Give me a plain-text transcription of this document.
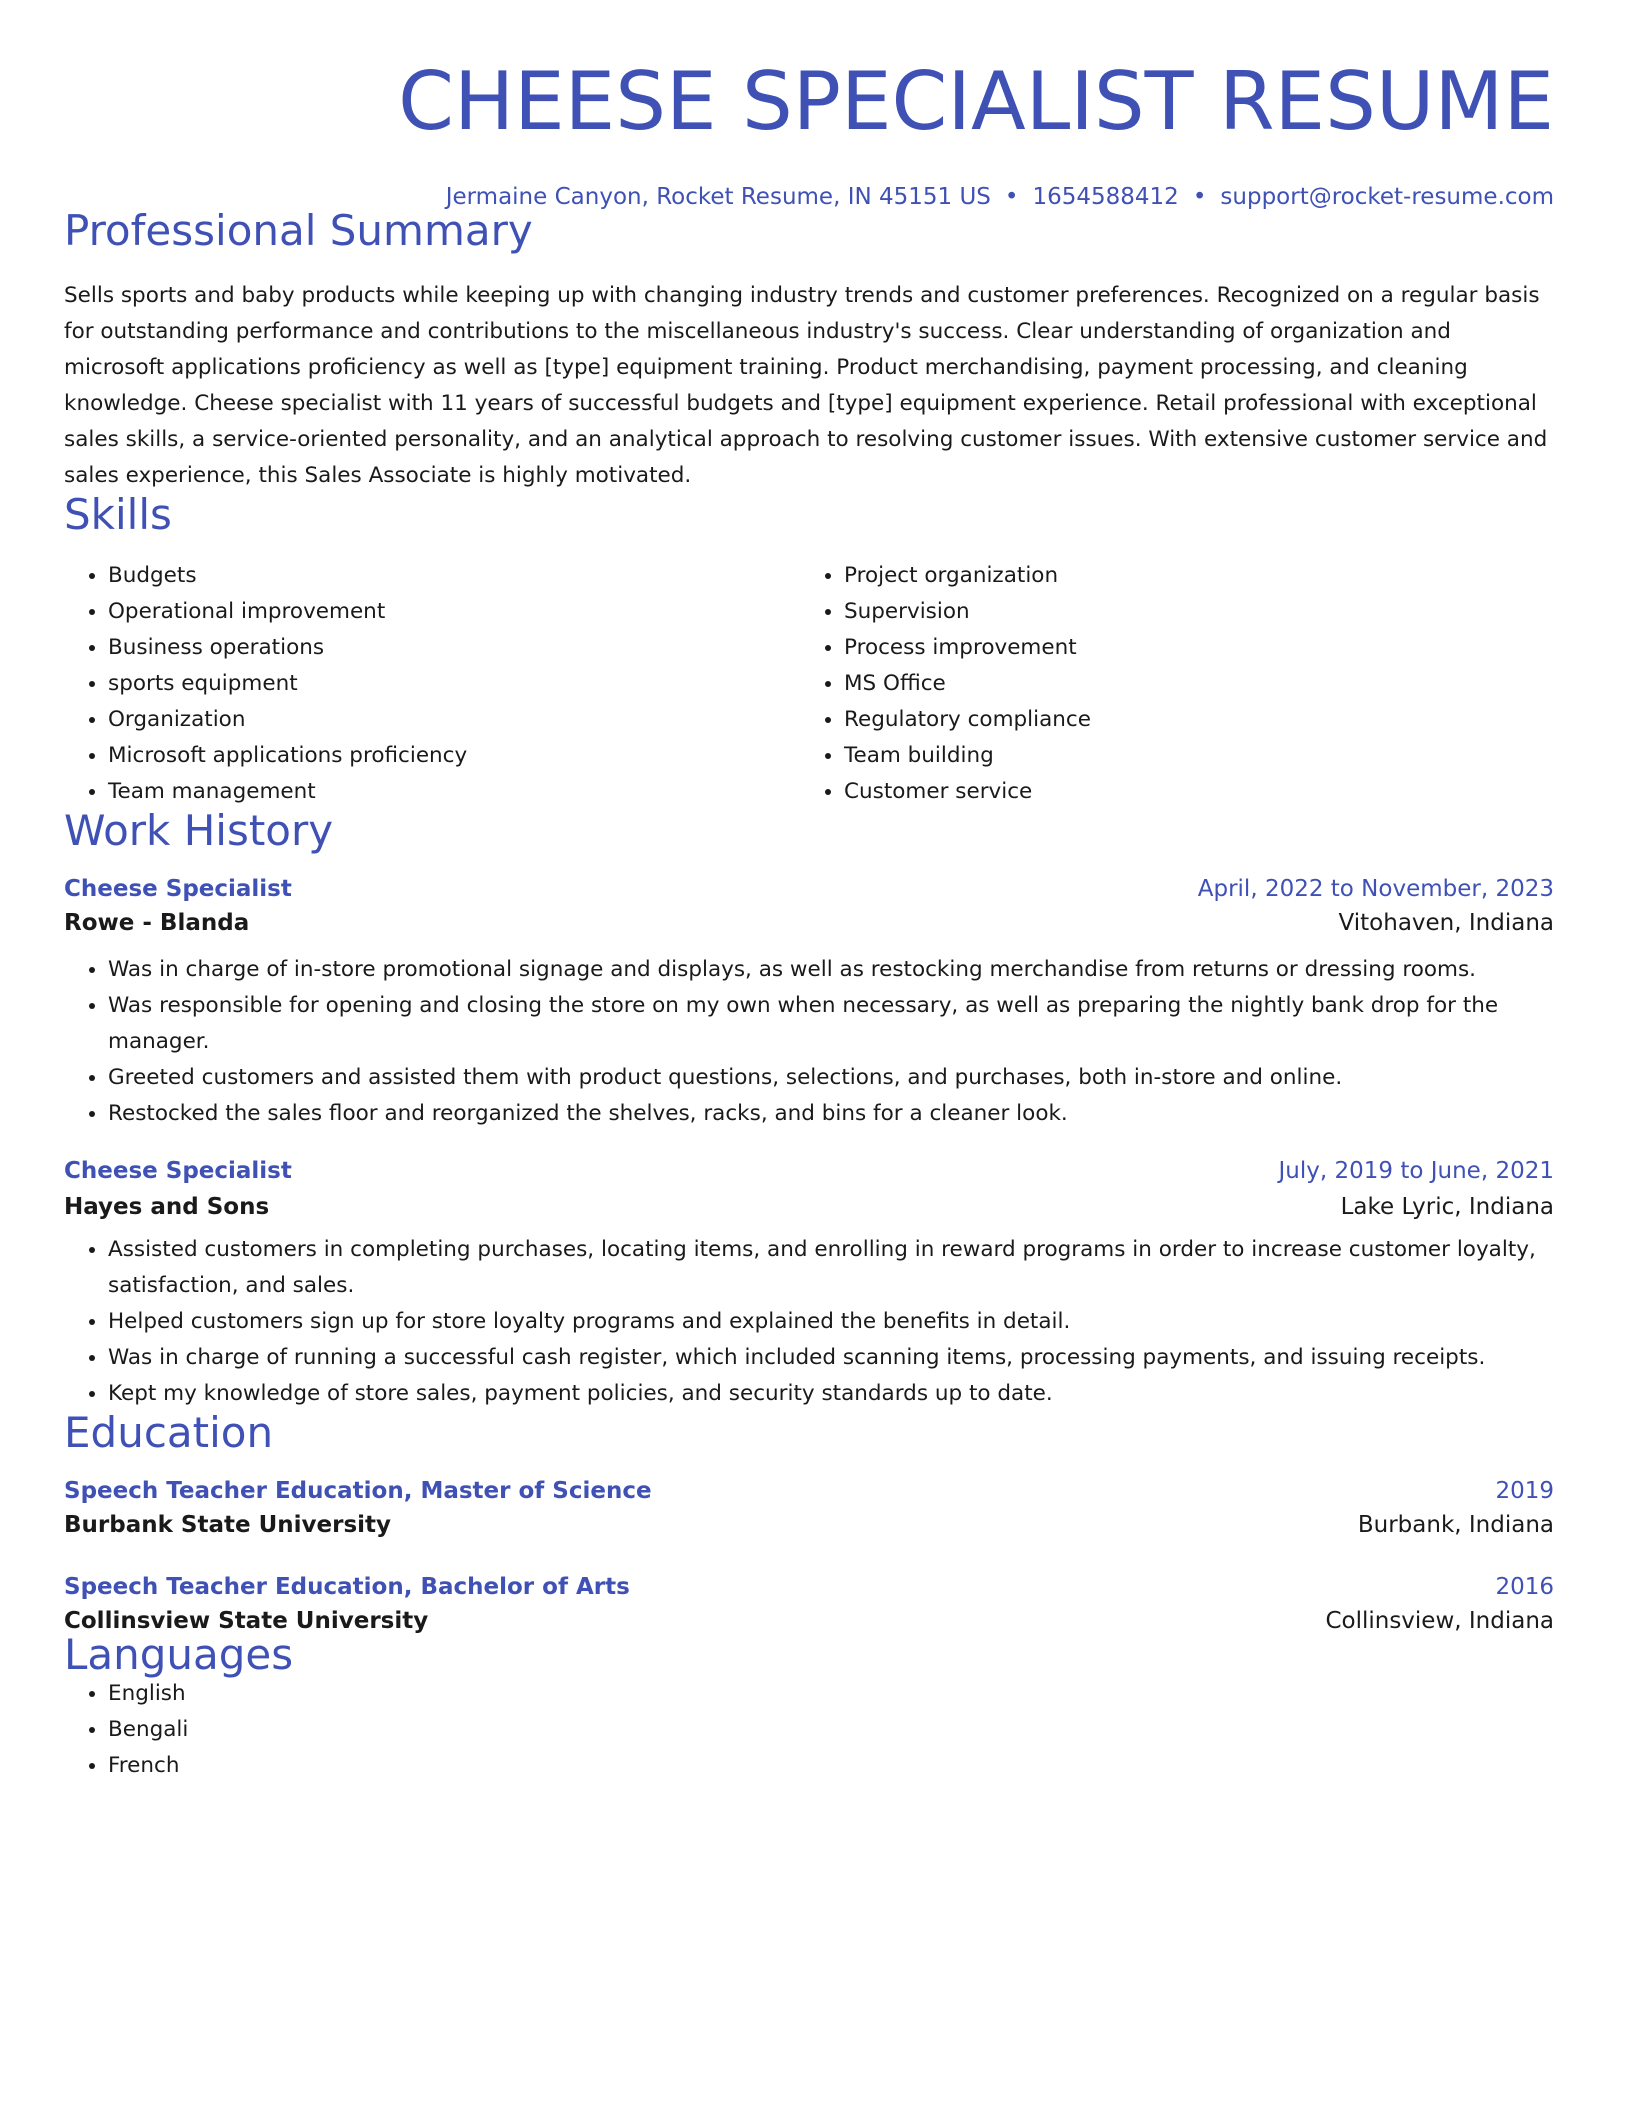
CHEESE SPECIALIST RESUME
Jermaine Canyon, Rocket Resume, IN 45151 US • 1654588412 • support@rocket-resume.com
Professional Summary
Sells sports and baby products while keeping up with changing industry trends and customer preferences. Recognized on a regular basis for outstanding performance and contributions to the miscellaneous industry's success. Clear understanding of organization and microsoft applications proficiency as well as [type] equipment training. Product merchandising, payment processing, and cleaning knowledge. Cheese specialist with 11 years of successful budgets and [type] equipment experience. Retail professional with exceptional sales skills, a service-oriented personality, and an analytical approach to resolving customer issues. With extensive customer service and sales experience, this Sales Associate is highly motivated.
Skills
• Budgets
• Operational improvement
• Business operations
• sports equipment
• Organization
• Microsoft applications proficiency
• Team management
• Project organization
• Supervision
• Process improvement
• MS Office
• Regulatory compliance
• Team building
• Customer service
Work History
Cheese Specialist	April, 2022 to November, 2023
Rowe - Blanda	Vitohaven, Indiana
• Was in charge of in-store promotional signage and displays, as well as restocking merchandise from returns or dressing rooms.
• Was responsible for opening and closing the store on my own when necessary, as well as preparing the nightly bank drop for the manager.
• Greeted customers and assisted them with product questions, selections, and purchases, both in-store and online.
• Restocked the sales floor and reorganized the shelves, racks, and bins for a cleaner look.
Cheese Specialist	July, 2019 to June, 2021
Hayes and Sons	Lake Lyric, Indiana
• Assisted customers in completing purchases, locating items, and enrolling in reward programs in order to increase customer loyalty, satisfaction, and sales.
• Helped customers sign up for store loyalty programs and explained the benefits in detail.
• Was in charge of running a successful cash register, which included scanning items, processing payments, and issuing receipts.
• Kept my knowledge of store sales, payment policies, and security standards up to date.
Education
Speech Teacher Education, Master of Science	2019
Burbank State University	Burbank, Indiana
Speech Teacher Education, Bachelor of Arts	2016
Collinsview State University	Collinsview, Indiana
Languages
• English
• Bengali
• French
